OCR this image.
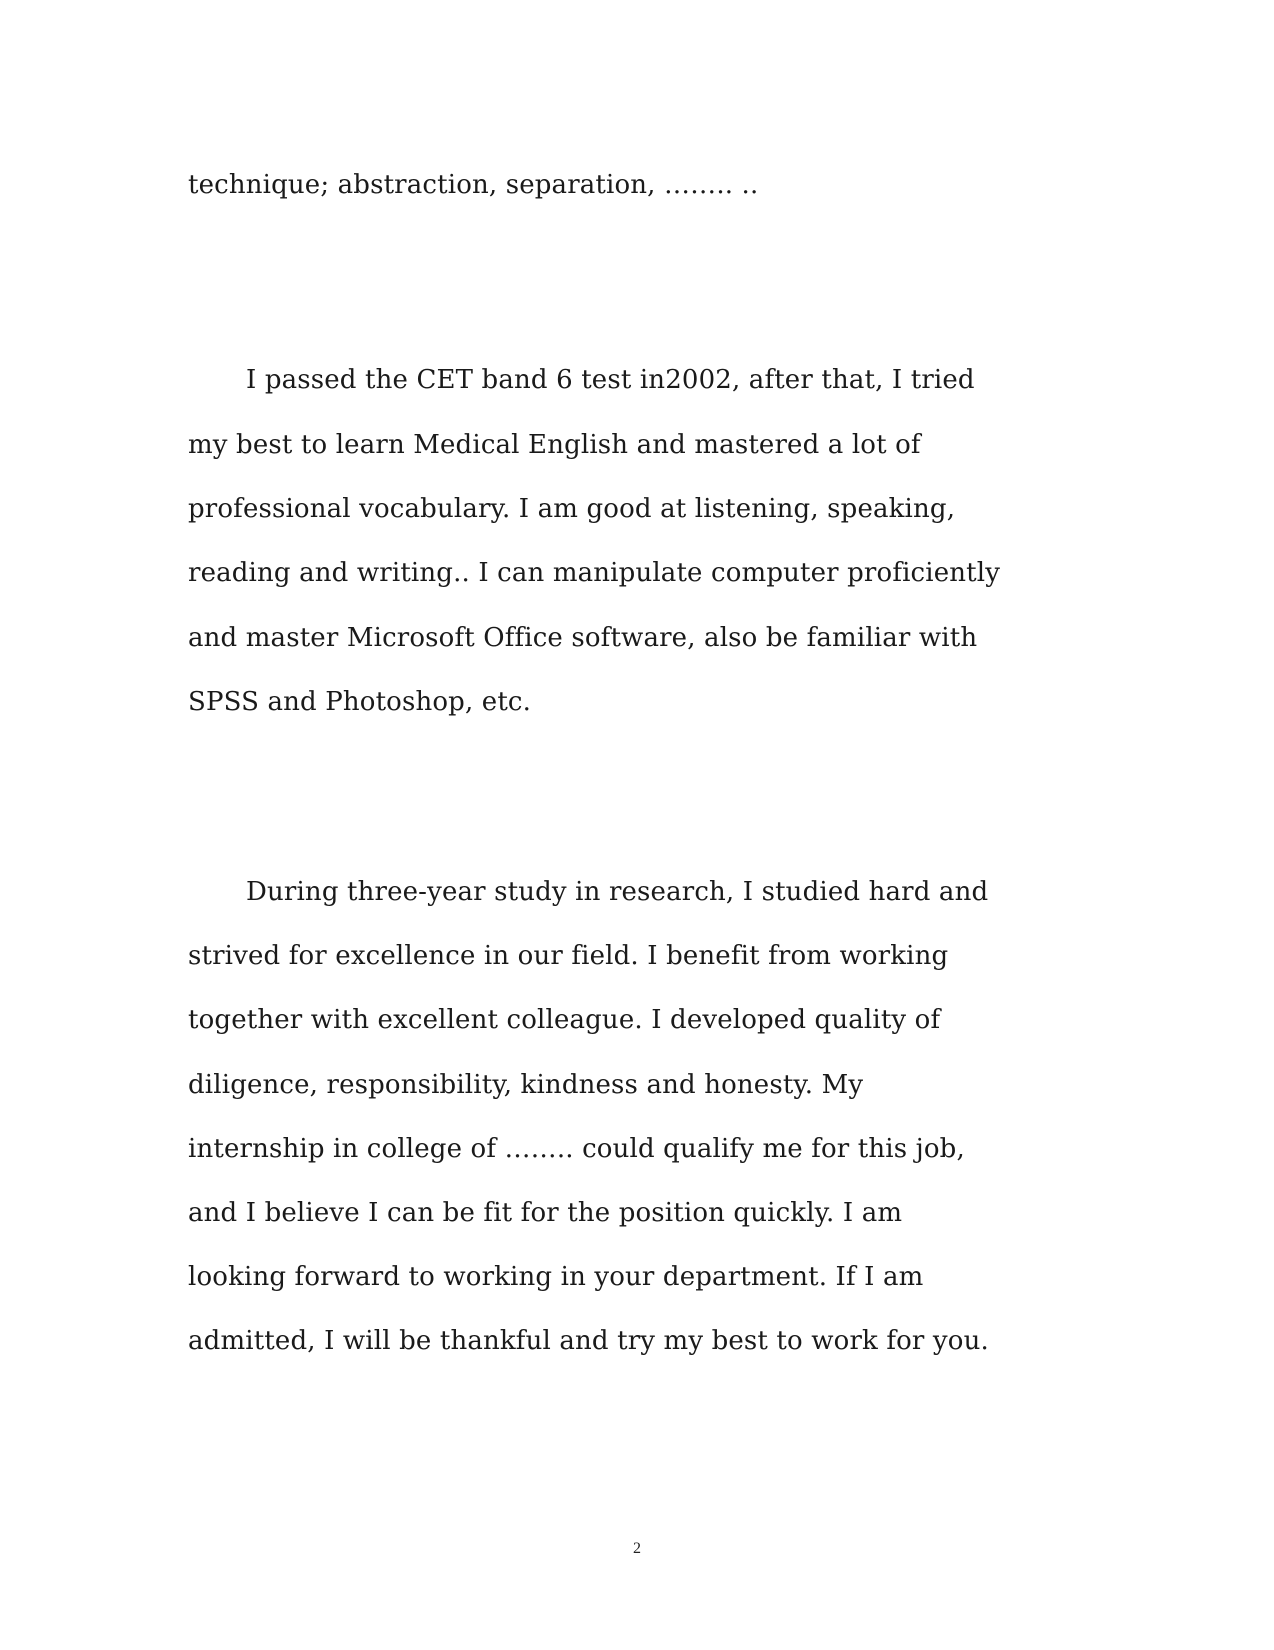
technique; abstraction, separation, …….. ..
I passed the CET band 6 test in2002, after that, I tried
my best to learn Medical English and mastered a lot of
professional vocabulary. I am good at listening, speaking,
reading and writing.. I can manipulate computer proficiently
and master Microsoft Office software, also be familiar with
SPSS and Photoshop, etc.
During three-year study in research, I studied hard and
strived for excellence in our field. I benefit from working
together with excellent colleague. I developed quality of
diligence, responsibility, kindness and honesty. My
internship in college of …….. could qualify me for this job,
and I believe I can be fit for the position quickly. I am
looking forward to working in your department. If I am
admitted, I will be thankful and try my best to work for you.
2
